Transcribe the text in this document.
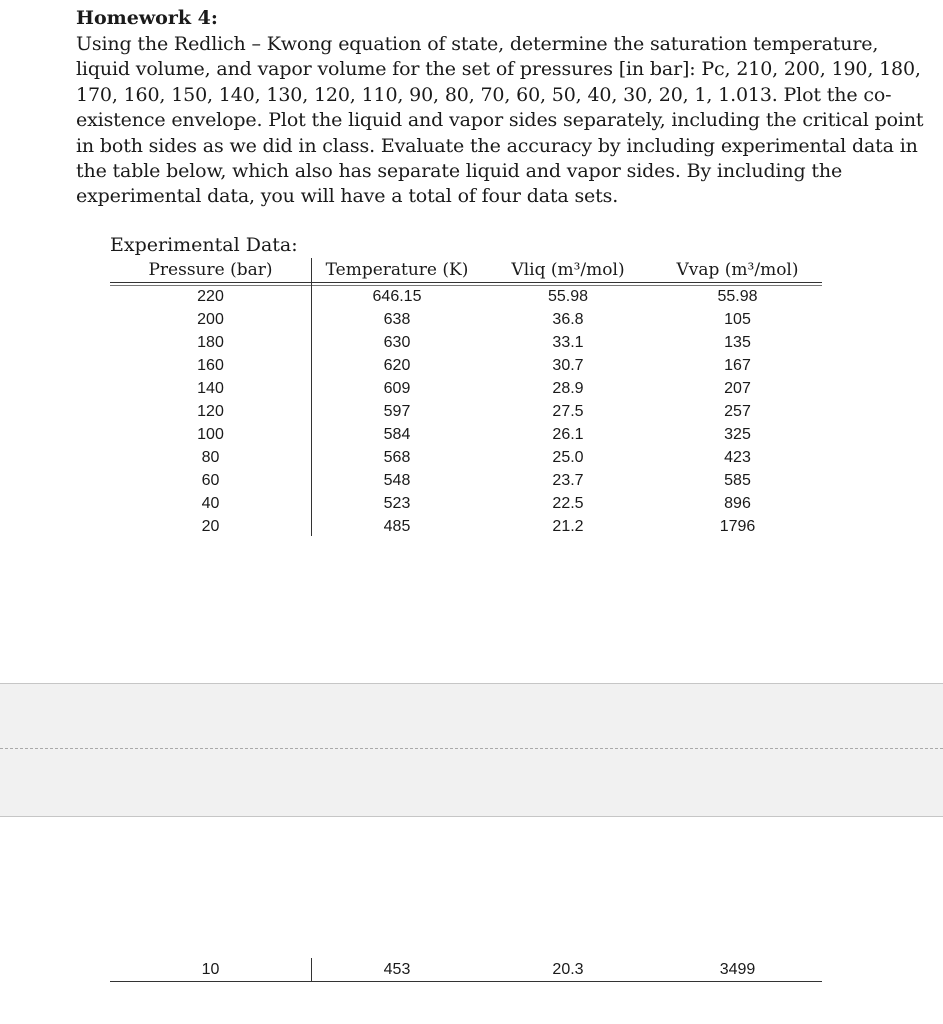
Homework 4:

Using the Redlich – Kwong equation of state, determine the saturation temperature, liquid volume, and vapor volume for the set of pressures [in bar]: Pc, 210, 200, 190, 180, 170, 160, 150, 140, 130, 120, 110, 90, 80, 70, 60, 50, 40, 30, 20, 1, 1.013. Plot the co-existence envelope. Plot the liquid and vapor sides separately, including the critical point in both sides as we did in class. Evaluate the accuracy by including experimental data in the table below, which also has separate liquid and vapor sides. By including the experimental data, you will have a total of four data sets.

Experimental Data:
Pressure (bar)	Temperature (K)	Vliq (m³/mol)	Vvap (m³/mol)
220	646.15	55.98	55.98
200	638	36.8	105
180	630	33.1	135
160	620	30.7	167
140	609	28.9	207
120	597	27.5	257
100	584	26.1	325
80	568	25.0	423
60	548	23.7	585
40	523	22.5	896
20	485	21.2	1796
10	453	20.3	3499
